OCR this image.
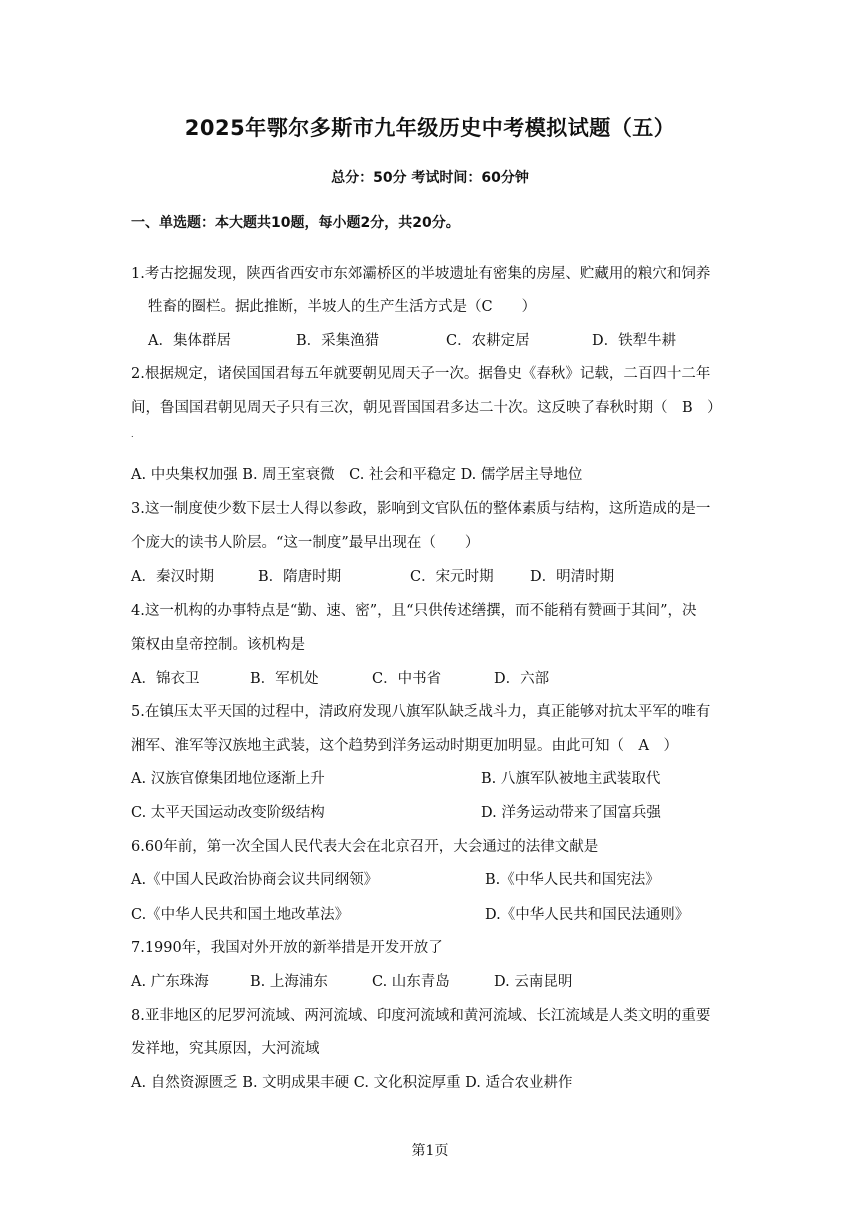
2025年鄂尔多斯市九年级历史中考模拟试题（五）
总分：50分 考试时间：60分钟
一、单选题：本大题共10题，每小题2分，共20分。
1.考古挖掘发现，陕西省西安市东郊灞桥区的半坡遗址有密集的房屋、贮藏用的粮穴和饲养
牲畜的圈栏。据此推断，半坡人的生产生活方式是（C　　）
A．集体群居	B．采集渔猎	C．农耕定居	D．铁犁牛耕
2.根据规定，诸侯国国君每五年就要朝见周天子一次。据鲁史《春秋》记载，二百四十二年
间，鲁国国君朝见周天子只有三次，朝见晋国国君多达二十次。这反映了春秋时期（　B　）
.
A. 中央集权加强 B. 周王室衰微　C. 社会和平稳定 D. 儒学居主导地位
3.这一制度使少数下层士人得以参政，影响到文官队伍的整体素质与结构，这所造成的是一
个庞大的读书人阶层。“这一制度”最早出现在（　　）
A．秦汉时期	B．隋唐时期	C．宋元时期	D．明清时期
4.这一机构的办事特点是“勤、速、密”，且“只供传述缮撰，而不能稍有赞画于其间”，决
策权由皇帝控制。该机构是
A．锦衣卫	B．军机处	C．中书省	D．六部
5.在镇压太平天国的过程中，清政府发现八旗军队缺乏战斗力，真正能够对抗太平军的唯有
湘军、淮军等汉族地主武装，这个趋势到洋务运动时期更加明显。由此可知（　A　）
A. 汉族官僚集团地位逐渐上升	B. 八旗军队被地主武装取代
C. 太平天国运动改变阶级结构	D. 洋务运动带来了国富兵强
6.60年前，第一次全国人民代表大会在北京召开，大会通过的法律文献是
A.《中国人民政治协商会议共同纲领》	B.《中华人民共和国宪法》
C.《中华人民共和国土地改革法》	D.《中华人民共和国民法通则》
7.1990年，我国对外开放的新举措是开发开放了
A. 广东珠海	B. 上海浦东	C. 山东青岛	D. 云南昆明
8.亚非地区的尼罗河流域、两河流域、印度河流域和黄河流域、长江流域是人类文明的重要
发祥地，究其原因，大河流域
A. 自然资源匮乏 B. 文明成果丰硬 C. 文化积淀厚重 D. 适合农业耕作
第1页
